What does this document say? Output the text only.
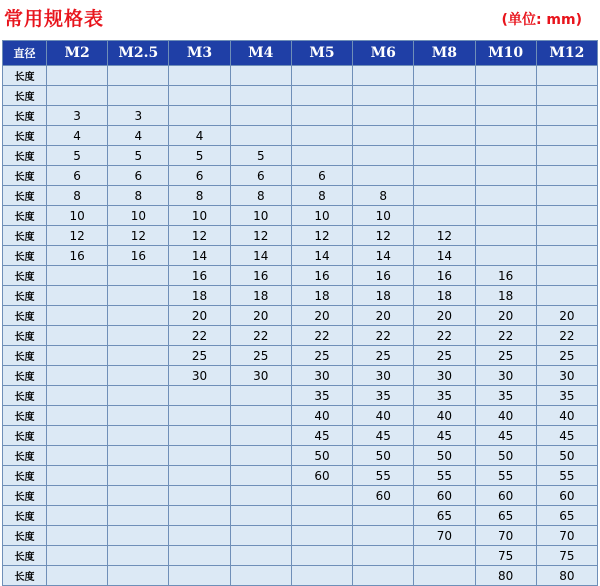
常用规格表	(单位: mm)
直径	M2	M2.5	M3	M4	M5	M6	M8	M10	M12
长度									
长度									
长度	3	3							
长度	4	4	4						
长度	5	5	5	5					
长度	6	6	6	6	6				
长度	8	8	8	8	8	8			
长度	10	10	10	10	10	10			
长度	12	12	12	12	12	12	12		
长度	16	16	14	14	14	14	14		
长度			16	16	16	16	16	16	
长度			18	18	18	18	18	18	
长度			20	20	20	20	20	20	20
长度			22	22	22	22	22	22	22
长度			25	25	25	25	25	25	25
长度			30	30	30	30	30	30	30
长度					35	35	35	35	35
长度					40	40	40	40	40
长度					45	45	45	45	45
长度					50	50	50	50	50
长度					60	55	55	55	55
长度						60	60	60	60
长度							65	65	65
长度							70	70	70
长度								75	75
长度								80	80
